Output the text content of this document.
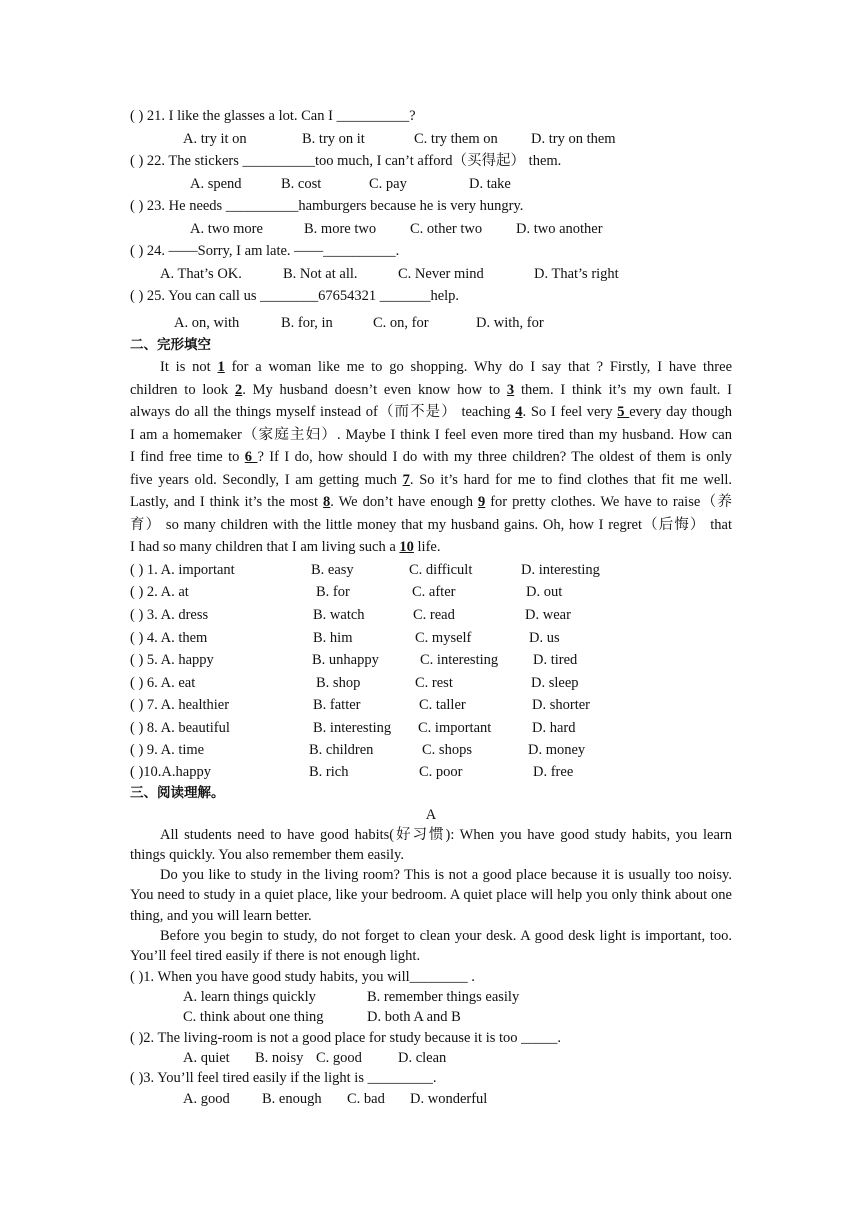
( ) 21. I like the glasses a lot. Can I __________?
A. try it on	B. try on it	C. try them on D. try on them
( ) 22. The stickers __________too much, I can’t afford（买得起） them.
A. spend	B. cost	C. pay	D. take
( ) 23. He needs __________hamburgers because he is very hungry.
A. two more	B. more two C. other two D. two another
( ) 24. ——Sorry, I am late. ——__________.
A. That’s OK.	B. Not at all.	C. Never mind	D. That’s right
( ) 25. You can call us ________67654321 _______help.
A. on, with	B. for, in	C. on, for	D. with, for
二、完形填空
It is not 1 for a woman like me to go shopping. Why do I say that ? Firstly, I have three
children to look 2. My husband doesn’t even know how to 3 them. I think it’s my own fault. I
always do all the things myself instead of（而不是） teaching 4. So I feel very 5 every day though
I am a homemaker（家庭主妇）. Maybe I think I feel even more tired than my husband. How can
I find free time to 6 ? If I do, how should I do with my three children? The oldest of them is only
five years old. Secondly, I am getting much 7. So it’s hard for me to find clothes that fit me well.
Lastly, and I think it’s the most 8. We don’t have enough 9 for pretty clothes. We have to raise（养
育） so many children with the little money that my husband gains. Oh, how I regret（后悔） that
I had so many children that I am living such a 10 life.
( ) 1. A. important	B. easy	C. difficult	D. interesting
( ) 2. A. at	B. for	C. after	D. out
( ) 3. A. dress	B. watch	C. read	D. wear
( ) 4. A. them	B. him	C. myself	D. us
( ) 5. A. happy	B. unhappy	C. interesting D. tired
( ) 6. A. eat	B. shop	C. rest	D. sleep
( ) 7. A. healthier	B. fatter	C. taller	D. shorter
( ) 8. A. beautiful	B. interesting C. important	D. hard
( ) 9. A. time	B. children	C. shops	D. money
( )10.A.happy	B. rich	C. poor	D. free
三、阅读理解。
A
All students need to have good habits(好习惯): When you have good study habits, you learn things quickly. You also remember them easily.
Do you like to study in the living room? This is not a good place because it is usually too noisy. You need to study in a quiet place, like your bedroom. A quiet place will help you only think about one thing, and you will learn better.
Before you begin to study, do not forget to clean your desk. A good desk light is important, too. You’ll feel tired easily if there is not enough light.
( )1. When you have good study habits, you will________ .
A. learn things quickly	B. remember things easily
C. think about one thing	D. both A and B
( )2. The living-room is not a good place for study because it is too _____.
A. quiet B. noisy C. good D. clean
( )3. You’ll feel tired easily if the light is _________.
A. good B. enough C. bad D. wonderful
